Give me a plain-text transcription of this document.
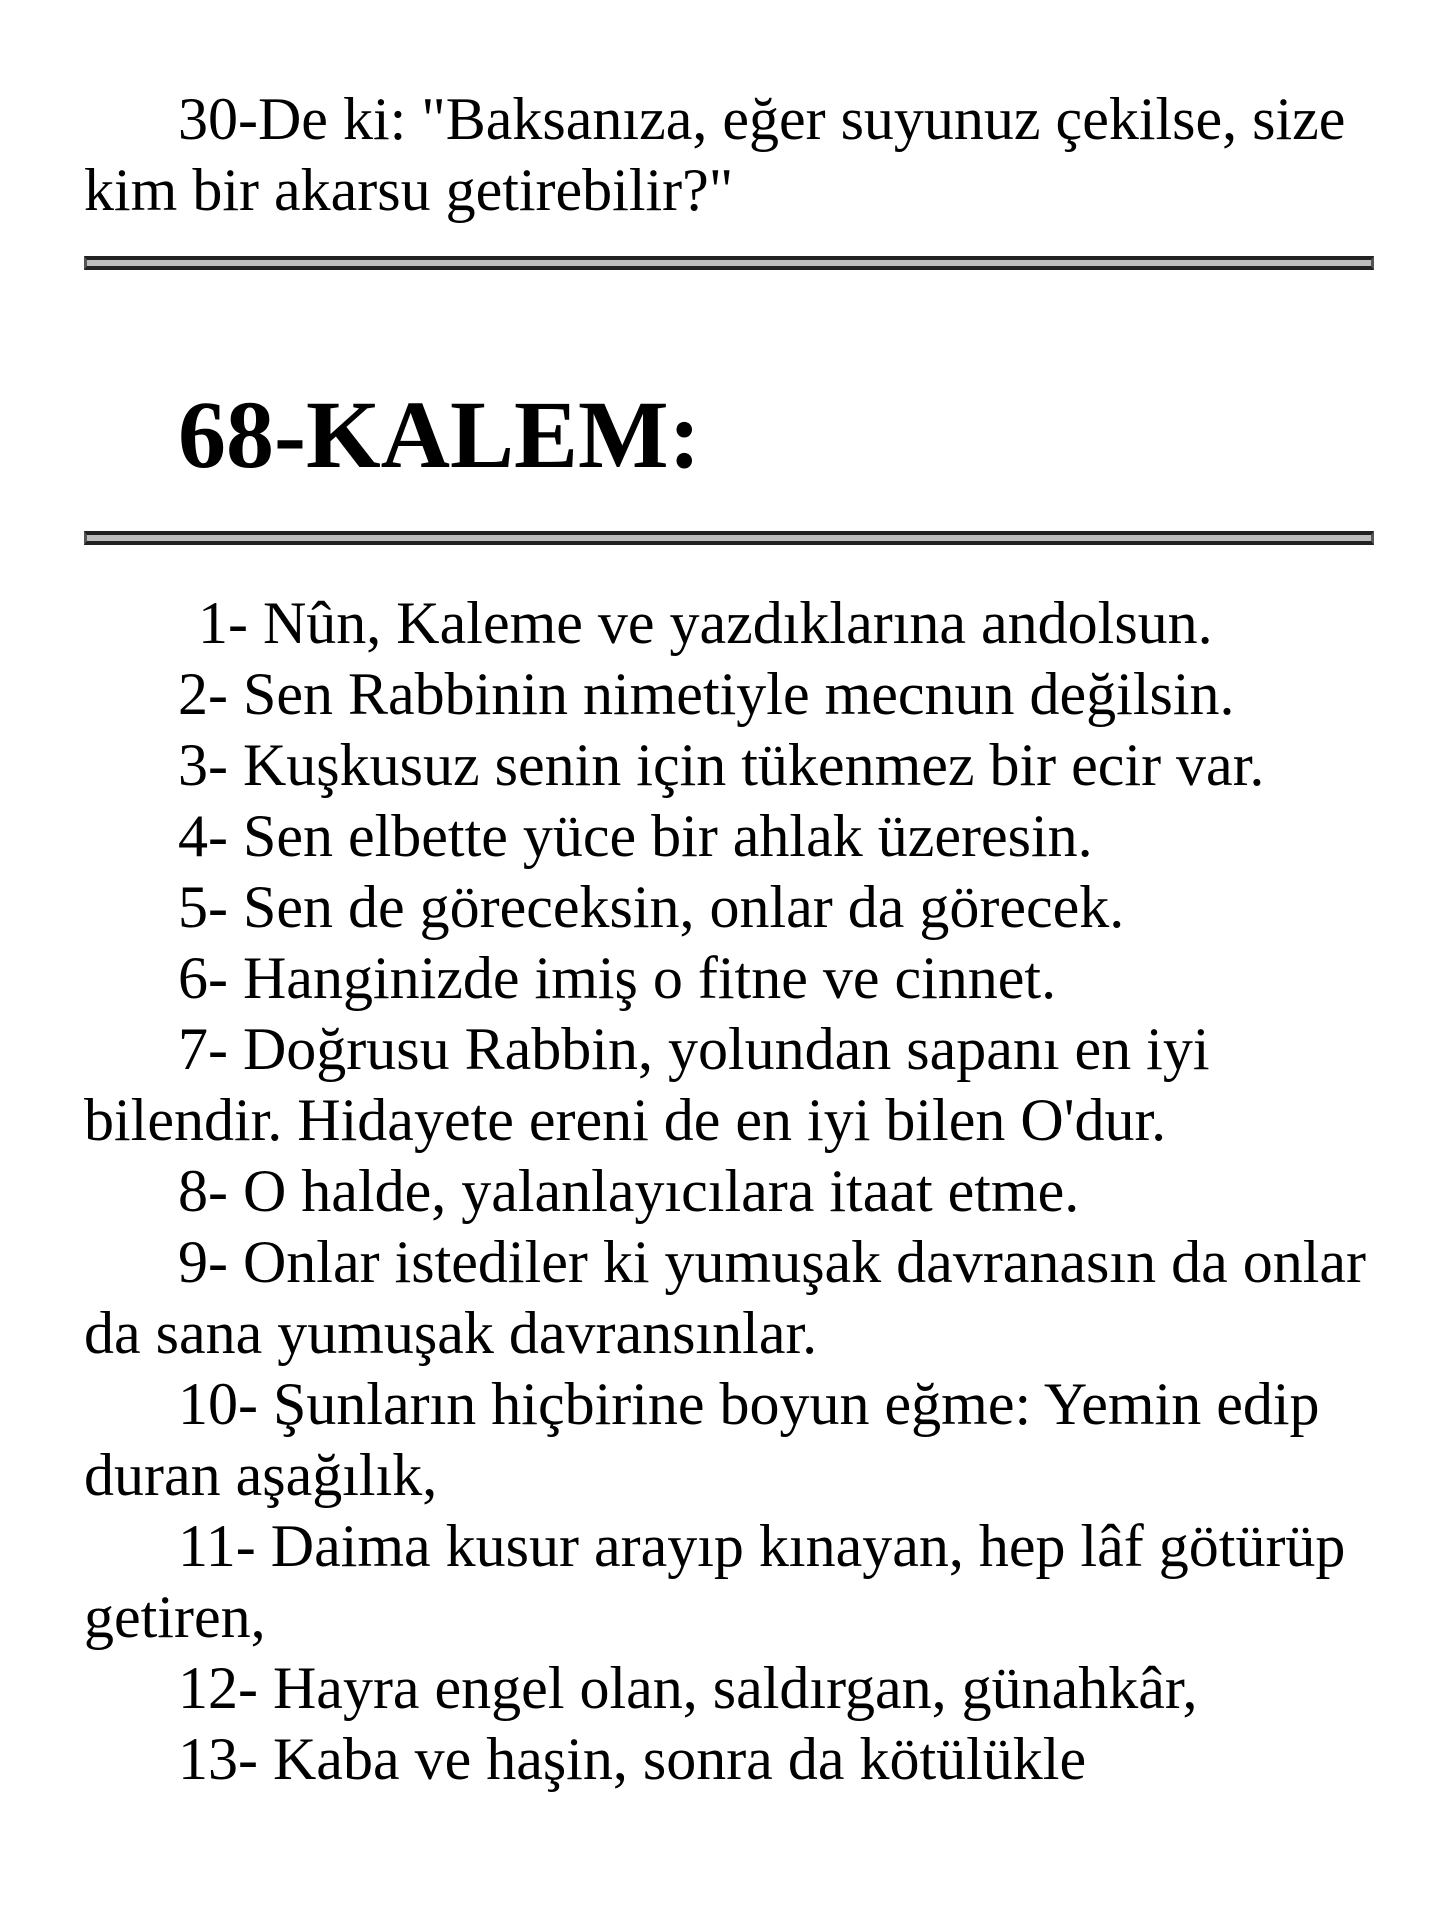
30-De ki: "Baksanıza, eğer suyunuz çekilse, size kim bir akarsu getirebilir?"

68-KALEM:

1- Nûn, Kaleme ve yazdıklarına andolsun.

2- Sen Rabbinin nimetiyle mecnun değilsin.

3- Kuşkusuz senin için tükenmez bir ecir var.

4- Sen elbette yüce bir ahlak üzeresin.

5- Sen de göreceksin, onlar da görecek.

6- Hanginizde imiş o fitne ve cinnet.

7- Doğrusu Rabbin, yolundan sapanı en iyi bilendir. Hidayete ereni de en iyi bilen O'dur.

8- O halde, yalanlayıcılara itaat etme.

9- Onlar istediler ki yumuşak davranasın da onlar da sana yumuşak davransınlar.

10- Şunların hiçbirine boyun eğme: Yemin edip duran aşağılık,

11- Daima kusur arayıp kınayan, hep lâf götürüp getiren,

12- Hayra engel olan, saldırgan, günahkâr,

13- Kaba ve haşin, sonra da kötülükle
